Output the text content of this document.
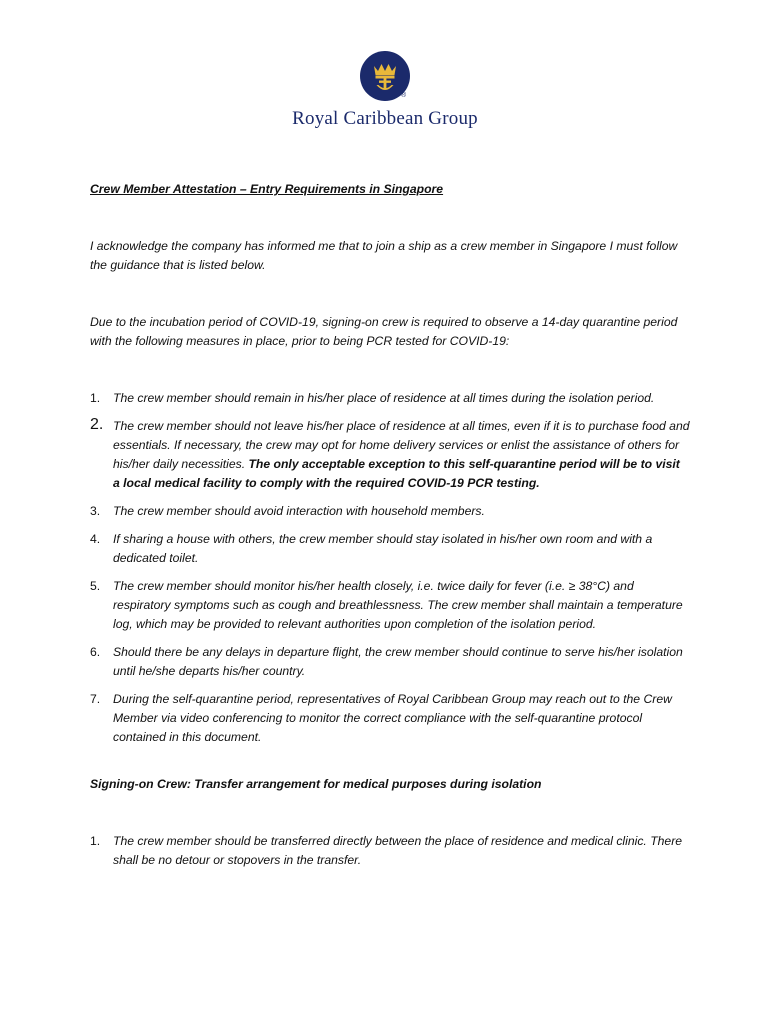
®
Royal Caribbean Group
Crew Member Attestation – Entry Requirements in Singapore
I acknowledge the company has informed me that to join a ship as a crew member in Singapore I must follow the guidance that is listed below.
Due to the incubation period of COVID-19, signing-on crew is required to observe a 14-day quarantine period with the following measures in place, prior to being PCR tested for COVID-19:
1. The crew member should remain in his/her place of residence at all times during the isolation period.
2. The crew member should not leave his/her place of residence at all times, even if it is to purchase food and essentials. If necessary, the crew may opt for home delivery services or enlist the assistance of others for his/her daily necessities. The only acceptable exception to this self-quarantine period will be to visit a local medical facility to comply with the required COVID-19 PCR testing.
3. The crew member should avoid interaction with household members.
4. If sharing a house with others, the crew member should stay isolated in his/her own room and with a dedicated toilet.
5. The crew member should monitor his/her health closely, i.e. twice daily for fever (i.e. ≥ 38°C) and respiratory symptoms such as cough and breathlessness. The crew member shall maintain a temperature log, which may be provided to relevant authorities upon completion of the isolation period.
6. Should there be any delays in departure flight, the crew member should continue to serve his/her isolation until he/she departs his/her country.
7. During the self-quarantine period, representatives of Royal Caribbean Group may reach out to the Crew Member via video conferencing to monitor the correct compliance with the self-quarantine protocol contained in this document.
Signing-on Crew: Transfer arrangement for medical purposes during isolation
1. The crew member should be transferred directly between the place of residence and medical clinic. There shall be no detour or stopovers in the transfer.
